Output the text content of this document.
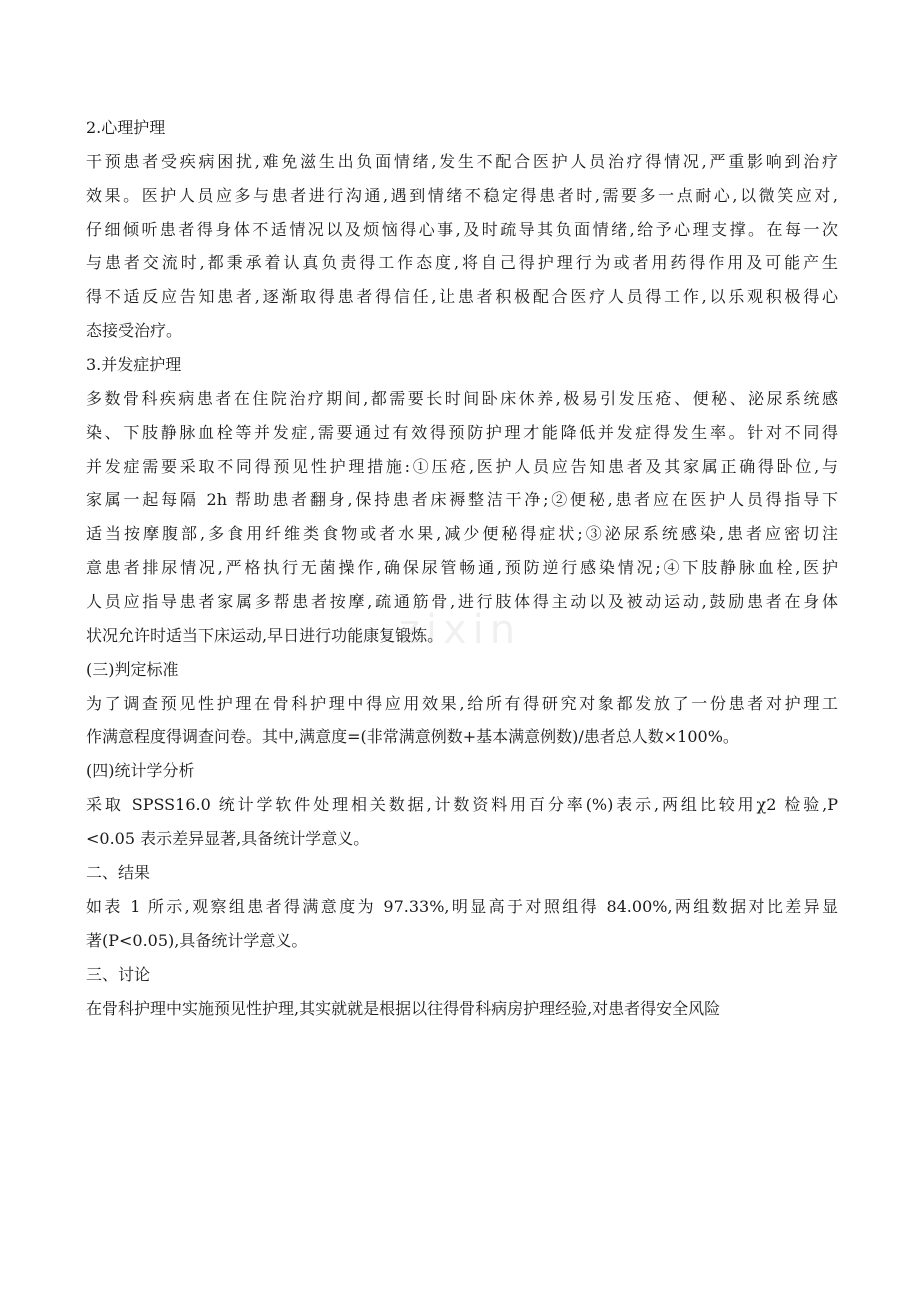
2.心理护理
干预患者受疾病困扰,难免滋生出负面情绪,发生不配合医护人员治疗得情况,严重影响到治疗
效果。医护人员应多与患者进行沟通,遇到情绪不稳定得患者时,需要多一点耐心,以微笑应对,
仔细倾听患者得身体不适情况以及烦恼得心事,及时疏导其负面情绪,给予心理支撑。在每一次
与患者交流时,都秉承着认真负责得工作态度,将自己得护理行为或者用药得作用及可能产生
得不适反应告知患者,逐渐取得患者得信任,让患者积极配合医疗人员得工作,以乐观积极得心
态接受治疗。
3.并发症护理
多数骨科疾病患者在住院治疗期间,都需要长时间卧床休养,极易引发压疮、便秘、泌尿系统感
染、下肢静脉血栓等并发症,需要通过有效得预防护理才能降低并发症得发生率。针对不同得
并发症需要采取不同得预见性护理措施:①压疮,医护人员应告知患者及其家属正确得卧位,与
家属一起每隔 2h 帮助患者翻身,保持患者床褥整洁干净;②便秘,患者应在医护人员得指导下
适当按摩腹部,多食用纤维类食物或者水果,减少便秘得症状;③泌尿系统感染,患者应密切注
意患者排尿情况,严格执行无菌操作,确保尿管畅通,预防逆行感染情况;④下肢静脉血栓,医护
人员应指导患者家属多帮患者按摩,疏通筋骨,进行肢体得主动以及被动运动,鼓励患者在身体
状况允许时适当下床运动,早日进行功能康复锻炼。
(三)判定标准
为了调查预见性护理在骨科护理中得应用效果,给所有得研究对象都发放了一份患者对护理工
作满意程度得调查问卷。其中,满意度=(非常满意例数+基本满意例数)/患者总人数×100%。
(四)统计学分析
采取 SPSS16.0 统计学软件处理相关数据,计数资料用百分率(%)表示,两组比较用χ2 检验,P
<0.05 表示差异显著,具备统计学意义。
二、结果
如表 1 所示,观察组患者得满意度为 97.33%,明显高于对照组得 84.00%,两组数据对比差异显
著(P<0.05),具备统计学意义。
三、讨论
在骨科护理中实施预见性护理,其实就就是根据以往得骨科病房护理经验,对患者得安全风险
zixin
